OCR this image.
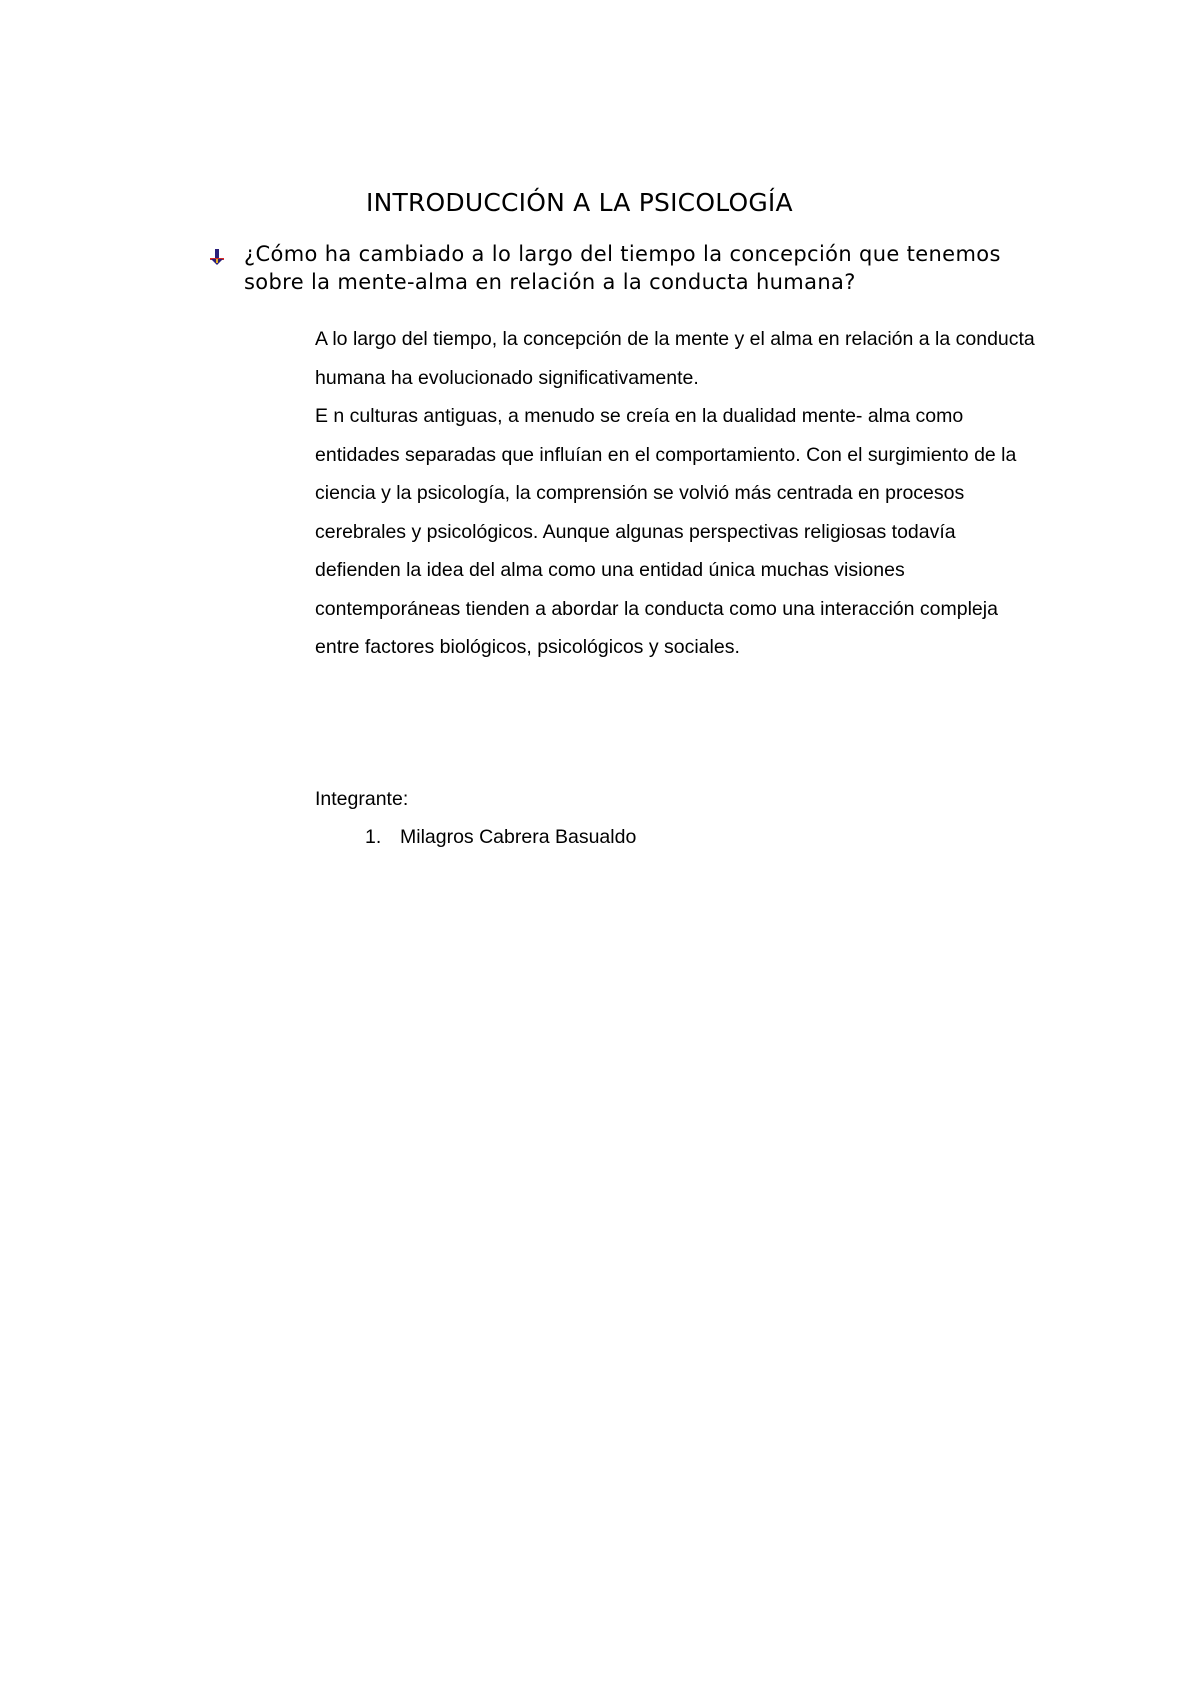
INTRODUCCIÓN A LA PSICOLOGÍA
¿Cómo ha cambiado a lo largo del tiempo la concepción que tenemos sobre la mente-alma en relación a la conducta humana?

A lo largo del tiempo, la concepción de la mente y el alma en relación a la conducta humana ha evolucionado significativamente.

E n culturas antiguas, a menudo se creía en la dualidad mente- alma como entidades separadas que influían en el comportamiento. Con el surgimiento de la ciencia y la psicología, la comprensión se volvió más centrada en procesos cerebrales y psicológicos. Aunque algunas perspectivas religiosas todavía defienden la idea del alma como una entidad única muchas visiones contemporáneas tienden a abordar la conducta como una interacción compleja entre factores biológicos, psicológicos y sociales.

Integrante:
1. Milagros Cabrera Basualdo
